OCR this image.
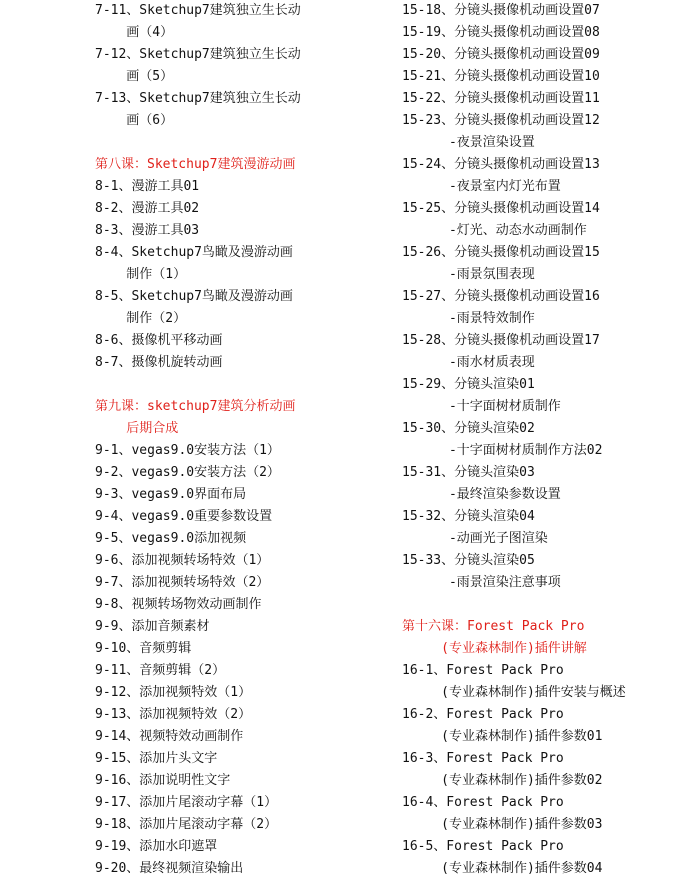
7-11、Sketchup7建筑独立生长动
画（4）
7-12、Sketchup7建筑独立生长动
画（5）
7-13、Sketchup7建筑独立生长动
画（6）
第八课：Sketchup7建筑漫游动画
8-1、漫游工具01
8-2、漫游工具02
8-3、漫游工具03
8-4、Sketchup7鸟瞰及漫游动画
制作（1）
8-5、Sketchup7鸟瞰及漫游动画
制作（2）
8-6、摄像机平移动画
8-7、摄像机旋转动画
第九课：sketchup7建筑分析动画
后期合成
9-1、vegas9.0安装方法（1）
9-2、vegas9.0安装方法（2）
9-3、vegas9.0界面布局
9-4、vegas9.0重要参数设置
9-5、vegas9.0添加视频
9-6、添加视频转场特效（1）
9-7、添加视频转场特效（2）
9-8、视频转场物效动画制作
9-9、添加音频素材
9-10、音频剪辑
9-11、音频剪辑（2）
9-12、添加视频特效（1）
9-13、添加视频特效（2）
9-14、视频特效动画制作
9-15、添加片头文字
9-16、添加说明性文字
9-17、添加片尾滚动字幕（1）
9-18、添加片尾滚动字幕（2）
9-19、添加水印遮罩
9-20、最终视频渲染输出
15-18、分镜头摄像机动画设置07
15-19、分镜头摄像机动画设置08
15-20、分镜头摄像机动画设置09
15-21、分镜头摄像机动画设置10
15-22、分镜头摄像机动画设置11
15-23、分镜头摄像机动画设置12
-夜景渲染设置
15-24、分镜头摄像机动画设置13
-夜景室内灯光布置
15-25、分镜头摄像机动画设置14
-灯光、动态水动画制作
15-26、分镜头摄像机动画设置15
-雨景氛围表现
15-27、分镜头摄像机动画设置16
-雨景特效制作
15-28、分镜头摄像机动画设置17
-雨水材质表现
15-29、分镜头渲染01
-十字面树材质制作
15-30、分镜头渲染02
-十字面树材质制作方法02
15-31、分镜头渲染03
-最终渲染参数设置
15-32、分镜头渲染04
-动画光子图渲染
15-33、分镜头渲染05
-雨景渲染注意事项
第十六课：Forest Pack Pro
(专业森林制作)插件讲解
16-1、Forest Pack Pro
(专业森林制作)插件安装与概述
16-2、Forest Pack Pro
(专业森林制作)插件参数01
16-3、Forest Pack Pro
(专业森林制作)插件参数02
16-4、Forest Pack Pro
(专业森林制作)插件参数03
16-5、Forest Pack Pro
(专业森林制作)插件参数04
